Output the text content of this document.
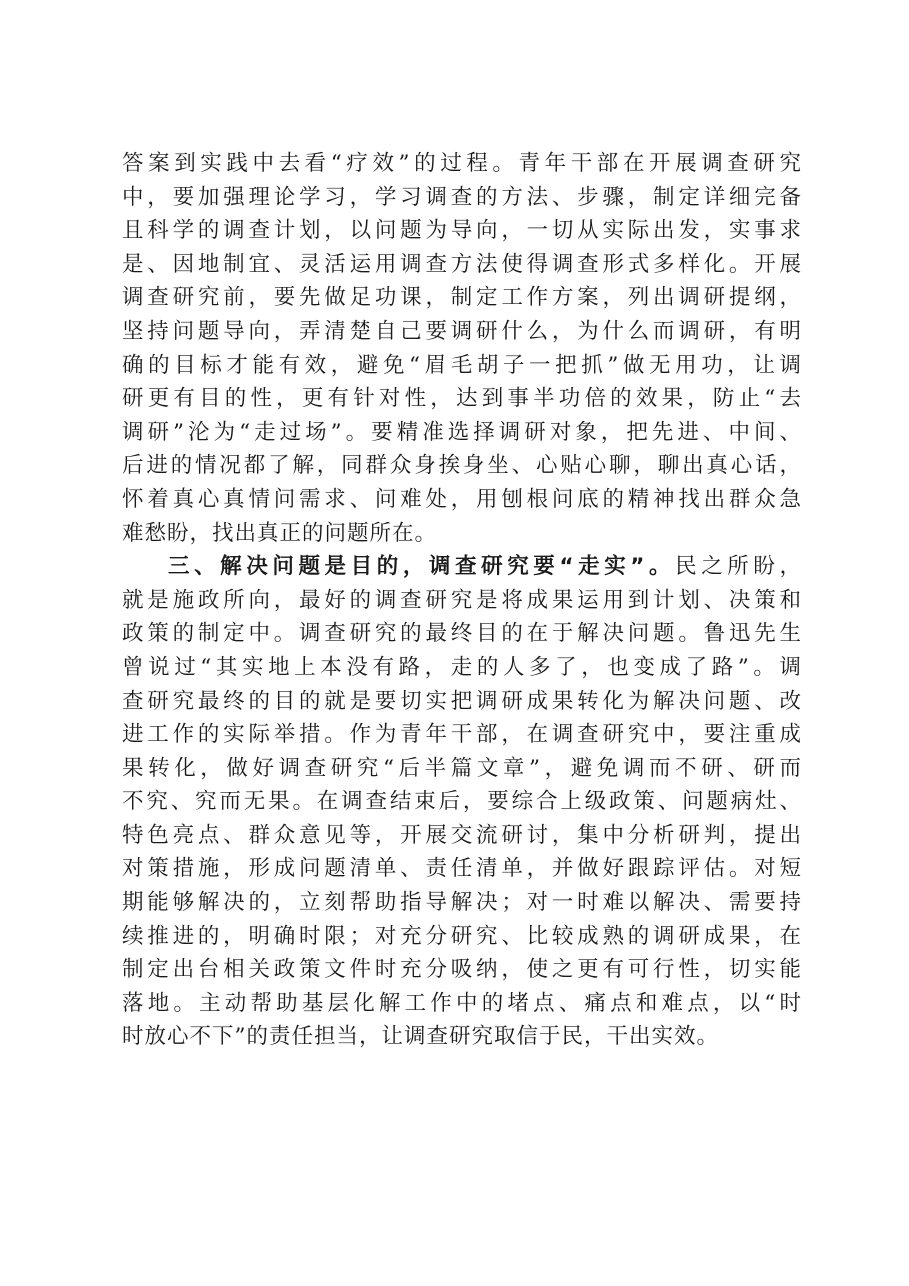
答案到实践中去看“疗效”的过程。青年干部在开展调查研究
中，要加强理论学习，学习调查的方法、步骤，制定详细完备
且科学的调查计划，以问题为导向，一切从实际出发，实事求
是、因地制宜、灵活运用调查方法使得调查形式多样化。开展
调查研究前，要先做足功课，制定工作方案，列出调研提纲，
坚持问题导向，弄清楚自己要调研什么，为什么而调研，有明
确的目标才能有效，避免“眉毛胡子一把抓”做无用功，让调
研更有目的性，更有针对性，达到事半功倍的效果，防止“去
调研”沦为“走过场”。要精准选择调研对象，把先进、中间、
后进的情况都了解，同群众身挨身坐、心贴心聊，聊出真心话，
怀着真心真情问需求、问难处，用刨根问底的精神找出群众急
难愁盼，找出真正的问题所在。
三、解决问题是目的，调查研究要“走实”。民之所盼，
就是施政所向，最好的调查研究是将成果运用到计划、决策和
政策的制定中。调查研究的最终目的在于解决问题。鲁迅先生
曾说过“其实地上本没有路，走的人多了，也变成了路”。调
查研究最终的目的就是要切实把调研成果转化为解决问题、改
进工作的实际举措。作为青年干部，在调查研究中，要注重成
果转化，做好调查研究“后半篇文章”，避免调而不研、研而
不究、究而无果。在调查结束后，要综合上级政策、问题病灶、
特色亮点、群众意见等，开展交流研讨，集中分析研判，提出
对策措施，形成问题清单、责任清单，并做好跟踪评估。对短
期能够解决的，立刻帮助指导解决；对一时难以解决、需要持
续推进的，明确时限；对充分研究、比较成熟的调研成果，在
制定出台相关政策文件时充分吸纳，使之更有可行性，切实能
落地。主动帮助基层化解工作中的堵点、痛点和难点，以“时
时放心不下”的责任担当，让调查研究取信于民，干出实效。
